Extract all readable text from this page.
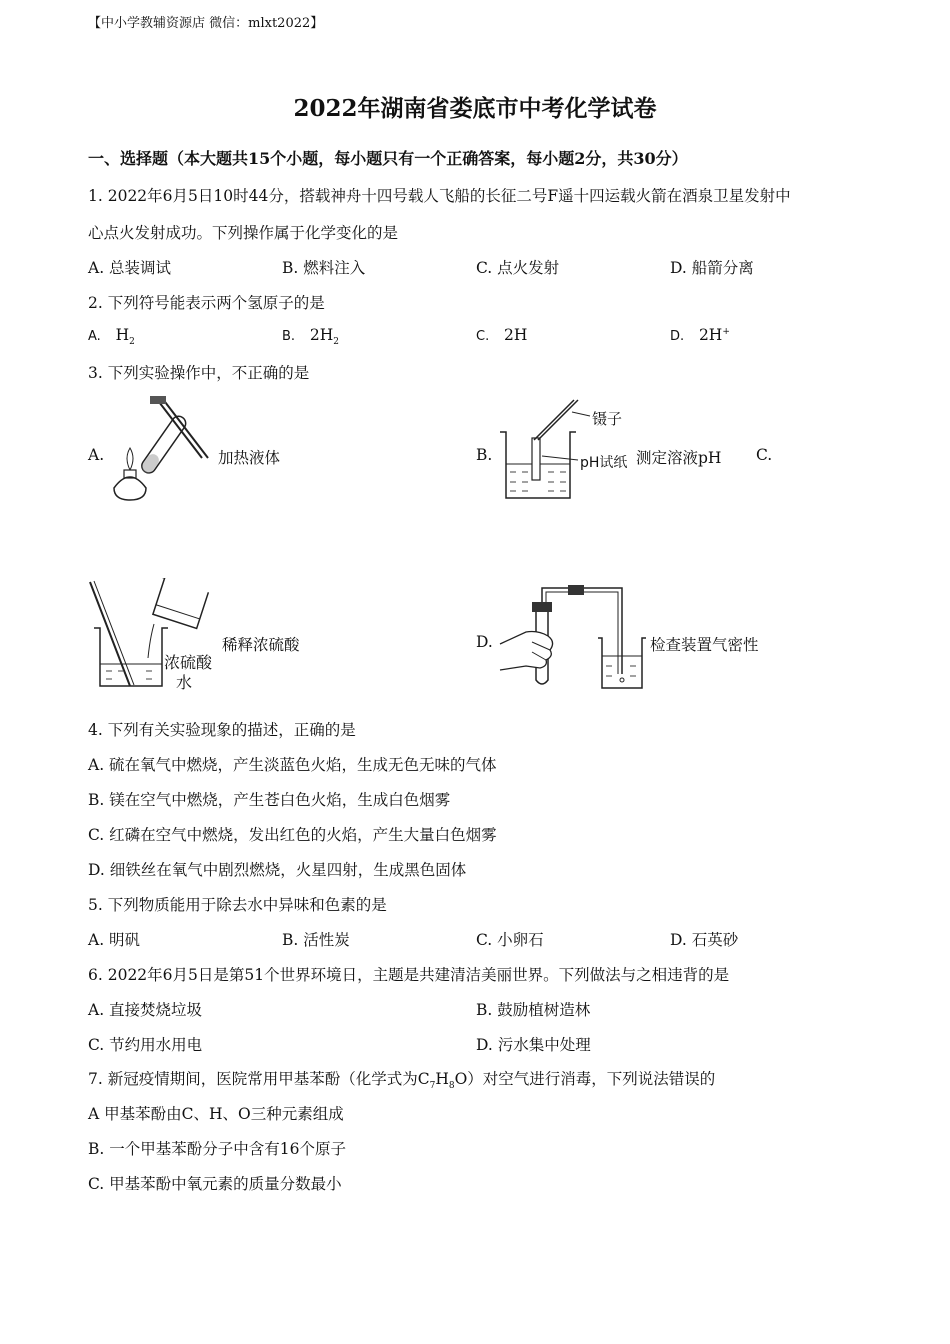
【中小学教辅资源店 微信：mlxt2022】
2022年湖南省娄底市中考化学试卷
一、选择题（本大题共15个小题，每小题只有一个正确答案，每小题2分，共30分）
1. 2022年6月5日10时44分，搭载神舟十四号载人飞船的长征二号F遥十四运载火箭在酒泉卫星发射中
心点火发射成功。下列操作属于化学变化的是
A. 总装调试	B. 燃料注入	C. 点火发射	D. 船箭分离
2. 下列符号能表示两个氢原子的是
A. $H_2$	B. $2H_2$	C. 2H	D. 2H+
3. 下列实验操作中，不正确的是
A.	加热液体	B.
镊子
pH试纸 测定溶液pH C.
浓硫酸
水
稀释浓硫酸	D.	检查装置气密性
4. 下列有关实验现象的描述，正确的是
A. 硫在氧气中燃烧，产生淡蓝色火焰，生成无色无味的气体
B. 镁在空气中燃烧，产生苍白色火焰，生成白色烟雾
C. 红磷在空气中燃烧，发出红色的火焰，产生大量白色烟雾
D. 细铁丝在氧气中剧烈燃烧，火星四射，生成黑色固体
5. 下列物质能用于除去水中异味和色素的是
A. 明矾	B. 活性炭	C. 小卵石	D. 石英砂
6. 2022年6月5日是第51个世界环境日，主题是共建清洁美丽世界。下列做法与之相违背的是
A. 直接焚烧垃圾	B. 鼓励植树造林
C. 节约用水用电	D. 污水集中处理
7. 新冠疫情期间，医院常用甲基苯酚（化学式为$C_7H_8O$）对空气进行消毒，下列说法错误的
A 甲基苯酚由C、H、O三种元素组成
B. 一个甲基苯酚分子中含有16个原子
C. 甲基苯酚中氧元素的质量分数最小
